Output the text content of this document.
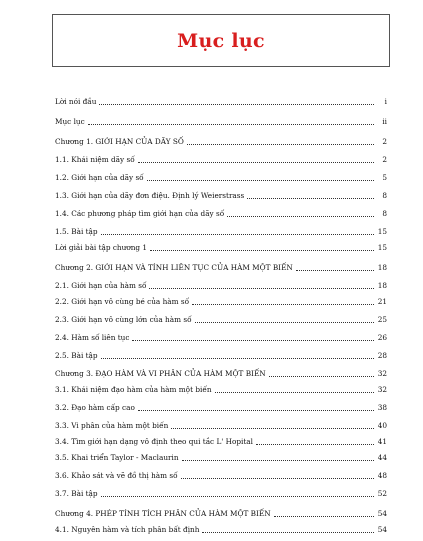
Mục lục
Lời nói đầu	i
Mục lục	ii
Chương 1. GIỚI HẠN CỦA DÃY SỐ	2
1.1. Khái niệm dãy số	2
1.2. Giới hạn của dãy số	5
1.3. Giới hạn của dãy đơn điệu. Định lý Weierstrass	8
1.4. Các phương pháp tìm giới hạn của dãy số	8
1.5. Bài tập	15
Lời giải bài tập chương 1	15
Chương 2. GIỚI HẠN VÀ TÍNH LIÊN TỤC CỦA HÀM MỘT BIẾN	18
2.1. Giới hạn của hàm số	18
2.2. Giới hạn vô cùng bé của hàm số	21
2.3. Giới hạn vô cùng lớn của hàm số	25
2.4. Hàm số liên tục	26
2.5. Bài tập	28
Chương 3. ĐẠO HÀM VÀ VI PHÂN CỦA HÀM MỘT BIẾN	32
3.1. Khái niệm đạo hàm của hàm một biến	32
3.2. Đạo hàm cấp cao	38
3.3. Vi phân của hàm một biến	40
3.4. Tìm giới hạn dạng vô định theo qui tắc L' Hopital	41
3.5. Khai triển Taylor - Maclaurin	44
3.6. Khảo sát và vẽ đồ thị hàm số	48
3.7. Bài tập	52
Chương 4. PHÉP TÍNH TÍCH PHÂN CỦA HÀM MỘT BIẾN	54
4.1. Nguyên hàm và tích phân bất định	54
